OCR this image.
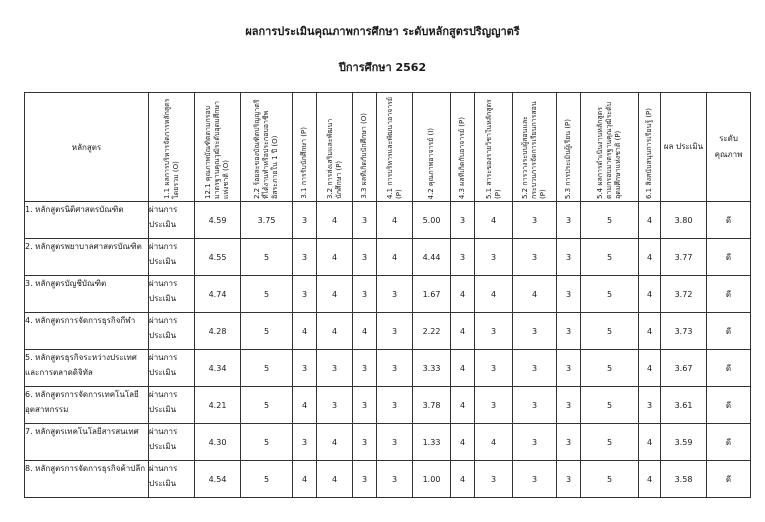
ผลการประเมินคุณภาพการศึกษา ระดับหลักสูตรปริญญาตรี
ปีการศึกษา 2562
หลักสูตร	1.1 ผลการบริหารจัดการหลักสูตรโดยรวม (O)	12.1 คุณภาพบัณฑิตตามกรอบมาตรฐานคุณวุฒิระดับอุดมศึกษาแห่งชาติ (O)	2.2 ร้อยละของบัณฑิตปริญญาตรีที่ได้งานทำหรือประกอบอาชีพอิสระภายใน 1 ปี (O)	3.1 การรับนักศึกษา (P)	3.2 การส่งเสริมและพัฒนานักศึกษา (P)	3.3 ผลที่เกิดกับนักศึกษา (O)	4.1 การบริหารและพัฒนาอาจารย์ (P)	4.2 คุณภาพอาจารย์ (I)	4.3 ผลที่เกิดกับอาจารย์ (P)	5.1 สาระของรายวิชาในหลักสูตร (P)	5.2 การวางระบบผู้สอนและกระบวนการจัดการเรียนการสอน (P)	5.3 การประเมินผู้เรียน (P)	5.4 ผลการดำเนินงานหลักสูตรตามกรอบมาตรฐานคุณวุฒิระดับอุดมศึกษาแห่งชาติ (P)	6.1 สิ่งสนับสนุนการเรียนรู้ (P)	ผล ประเมิน	ระดับ คุณภาพ
1. หลักสูตรนิติศาสตรบัณฑิต	ผ่านการประเมิน	4.59	3.75	3	4	3	4	5.00	3	4	3	3	5	4	3.80	ดี
2. หลักสูตรพยาบาลศาสตรบัณฑิต	ผ่านการประเมิน	4.55	5	3	4	3	4	4.44	3	3	3	3	5	4	3.77	ดี
3. หลักสูตรบัญชีบัณฑิต	ผ่านการประเมิน	4.74	5	3	4	3	3	1.67	4	4	4	3	5	4	3.72	ดี
4. หลักสูตรการจัดการธุรกิจกีฬา	ผ่านการประเมิน	4.28	5	4	4	4	3	2.22	4	3	3	3	5	4	3.73	ดี
5. หลักสูตรธุรกิจระหว่างประเทศและการตลาดดิจิทัล	ผ่านการประเมิน	4.34	5	3	3	3	3	3.33	4	3	3	3	5	4	3.67	ดี
6. หลักสูตรการจัดการเทคโนโลยีอุตสาหกรรม	ผ่านการประเมิน	4.21	5	4	3	3	3	3.78	4	3	3	3	5	3	3.61	ดี
7. หลักสูตรเทคโนโลยีสารสนเทศ	ผ่านการประเมิน	4.30	5	3	4	3	3	1.33	4	4	3	3	5	4	3.59	ดี
8. หลักสูตรการจัดการธุรกิจค้าปลีก	ผ่านการประเมิน	4.54	5	4	4	3	3	1.00	4	3	3	3	5	4	3.58	ดี
